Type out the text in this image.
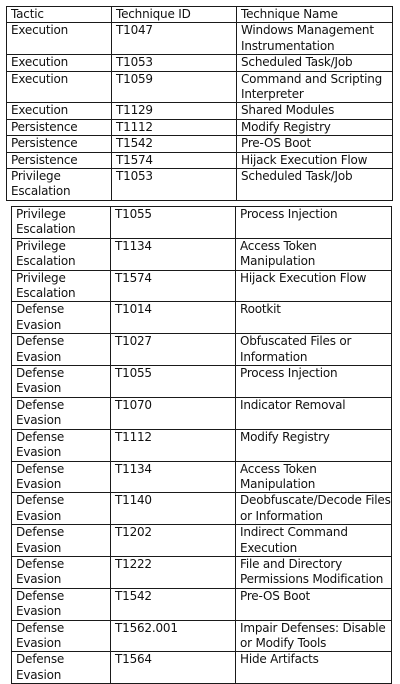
Tactic	Technique ID	Technique Name
Execution	T1047	Windows Management Instrumentation
Execution	T1053	Scheduled Task/Job
Execution	T1059	Command and Scripting Interpreter
Execution	T1129	Shared Modules
Persistence	T1112	Modify Registry
Persistence	T1542	Pre-OS Boot
Persistence	T1574	Hijack Execution Flow
Privilege Escalation	T1053	Scheduled Task/Job
Privilege Escalation	T1055	Process Injection
Privilege Escalation	T1134	Access Token Manipulation
Privilege Escalation	T1574	Hijack Execution Flow
Defense Evasion	T1014	Rootkit
Defense Evasion	T1027	Obfuscated Files or Information
Defense Evasion	T1055	Process Injection
Defense Evasion	T1070	Indicator Removal
Defense Evasion	T1112	Modify Registry
Defense Evasion	T1134	Access Token Manipulation
Defense Evasion	T1140	Deobfuscate/Decode Files or Information
Defense Evasion	T1202	Indirect Command Execution
Defense Evasion	T1222	File and Directory Permissions Modification
Defense Evasion	T1542	Pre-OS Boot
Defense Evasion	T1562.001	Impair Defenses: Disable or Modify Tools
Defense Evasion	T1564	Hide Artifacts
